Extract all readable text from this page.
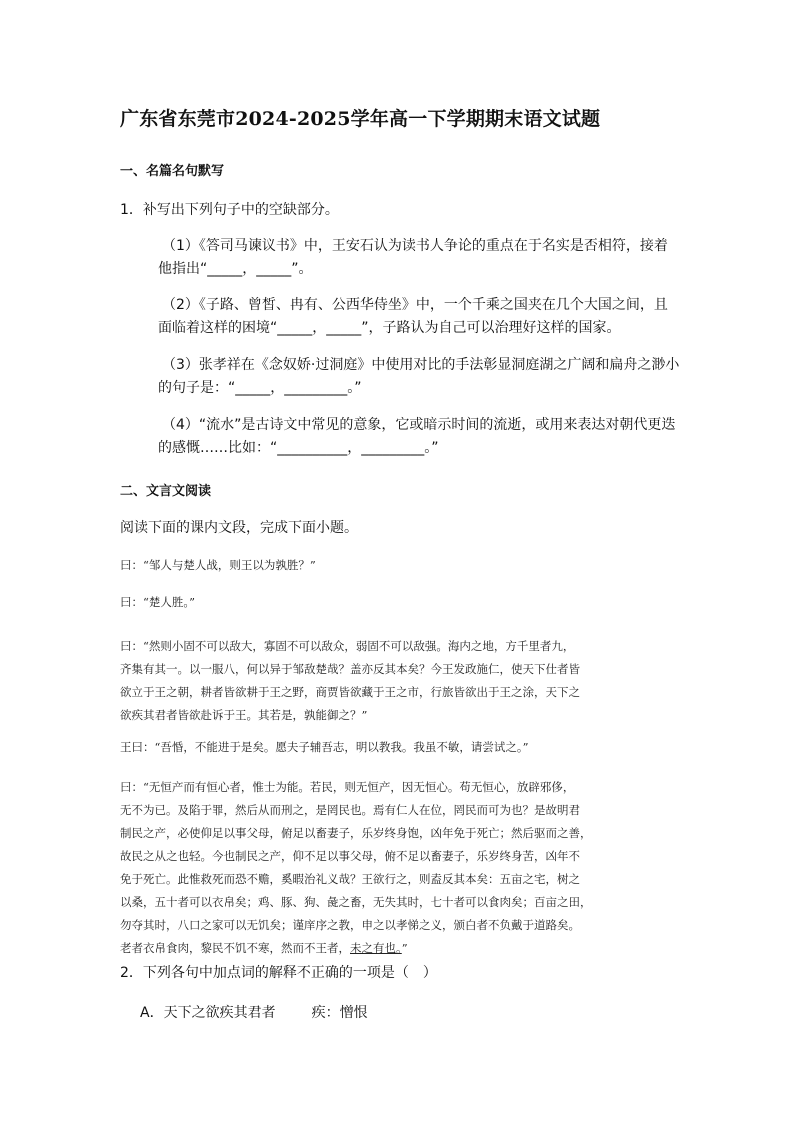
广东省东莞市2024-2025学年高一下学期期末语文试题
一、名篇名句默写
1．补写出下列句子中的空缺部分。
（1）《答司马谏议书》中，王安石认为读书人争论的重点在于名实是否相符，接着
他指出“_____，_____”。
（2）《子路、曾皙、冉有、公西华侍坐》中，一个千乘之国夹在几个大国之间，且
面临着这样的困境“_____，_____”，子路认为自己可以治理好这样的国家。
（3）张孝祥在《念奴娇·过洞庭》中使用对比的手法彰显洞庭湖之广阔和扁舟之渺小
的句子是：“_____，_________。”
（4）“流水”是古诗文中常见的意象，它或暗示时间的流逝，或用来表达对朝代更迭
的感慨……比如：“__________，_________。”
二、文言文阅读
阅读下面的课内文段，完成下面小题。
曰：“邹人与楚人战，则王以为孰胜？”
曰：“楚人胜。”
曰：“然则小固不可以敌大，寡固不可以敌众，弱固不可以敌强。海内之地，方千里者九，
齐集有其一。以一服八，何以异于邹敌楚哉？盖亦反其本矣？今王发政施仁，使天下仕者皆
欲立于王之朝，耕者皆欲耕于王之野，商贾皆欲藏于王之市，行旅皆欲出于王之涂，天下之
欲疾其君者皆欲赴诉于王。其若是，孰能御之？”
王曰：“吾惛，不能进于是矣。愿夫子辅吾志，明以教我。我虽不敏，请尝试之。”
曰：“无恒产而有恒心者，惟士为能。若民，则无恒产，因无恒心。苟无恒心，放辟邪侈，
无不为已。及陷于罪，然后从而刑之，是罔民也。焉有仁人在位，罔民而可为也？是故明君
制民之产，必使仰足以事父母，俯足以畜妻子，乐岁终身饱，凶年免于死亡；然后驱而之善，
故民之从之也轻。今也制民之产，仰不足以事父母，俯不足以畜妻子，乐岁终身苦，凶年不
免于死亡。此惟救死而恐不赡，奚暇治礼义哉？王欲行之，则盍反其本矣：五亩之宅，树之
以桑，五十者可以衣帛矣；鸡、豚、狗、彘之畜，无失其时，七十者可以食肉矣；百亩之田，
勿夺其时，八口之家可以无饥矣；谨庠序之教，申之以孝悌之义，颁白者不负戴于道路矣。
老者衣帛食肉，黎民不饥不寒，然而不王者，未之有也。”
2．下列各句中加点词的解释不正确的一项是（　）
A．天下之欲疾其君者	疾：憎恨
